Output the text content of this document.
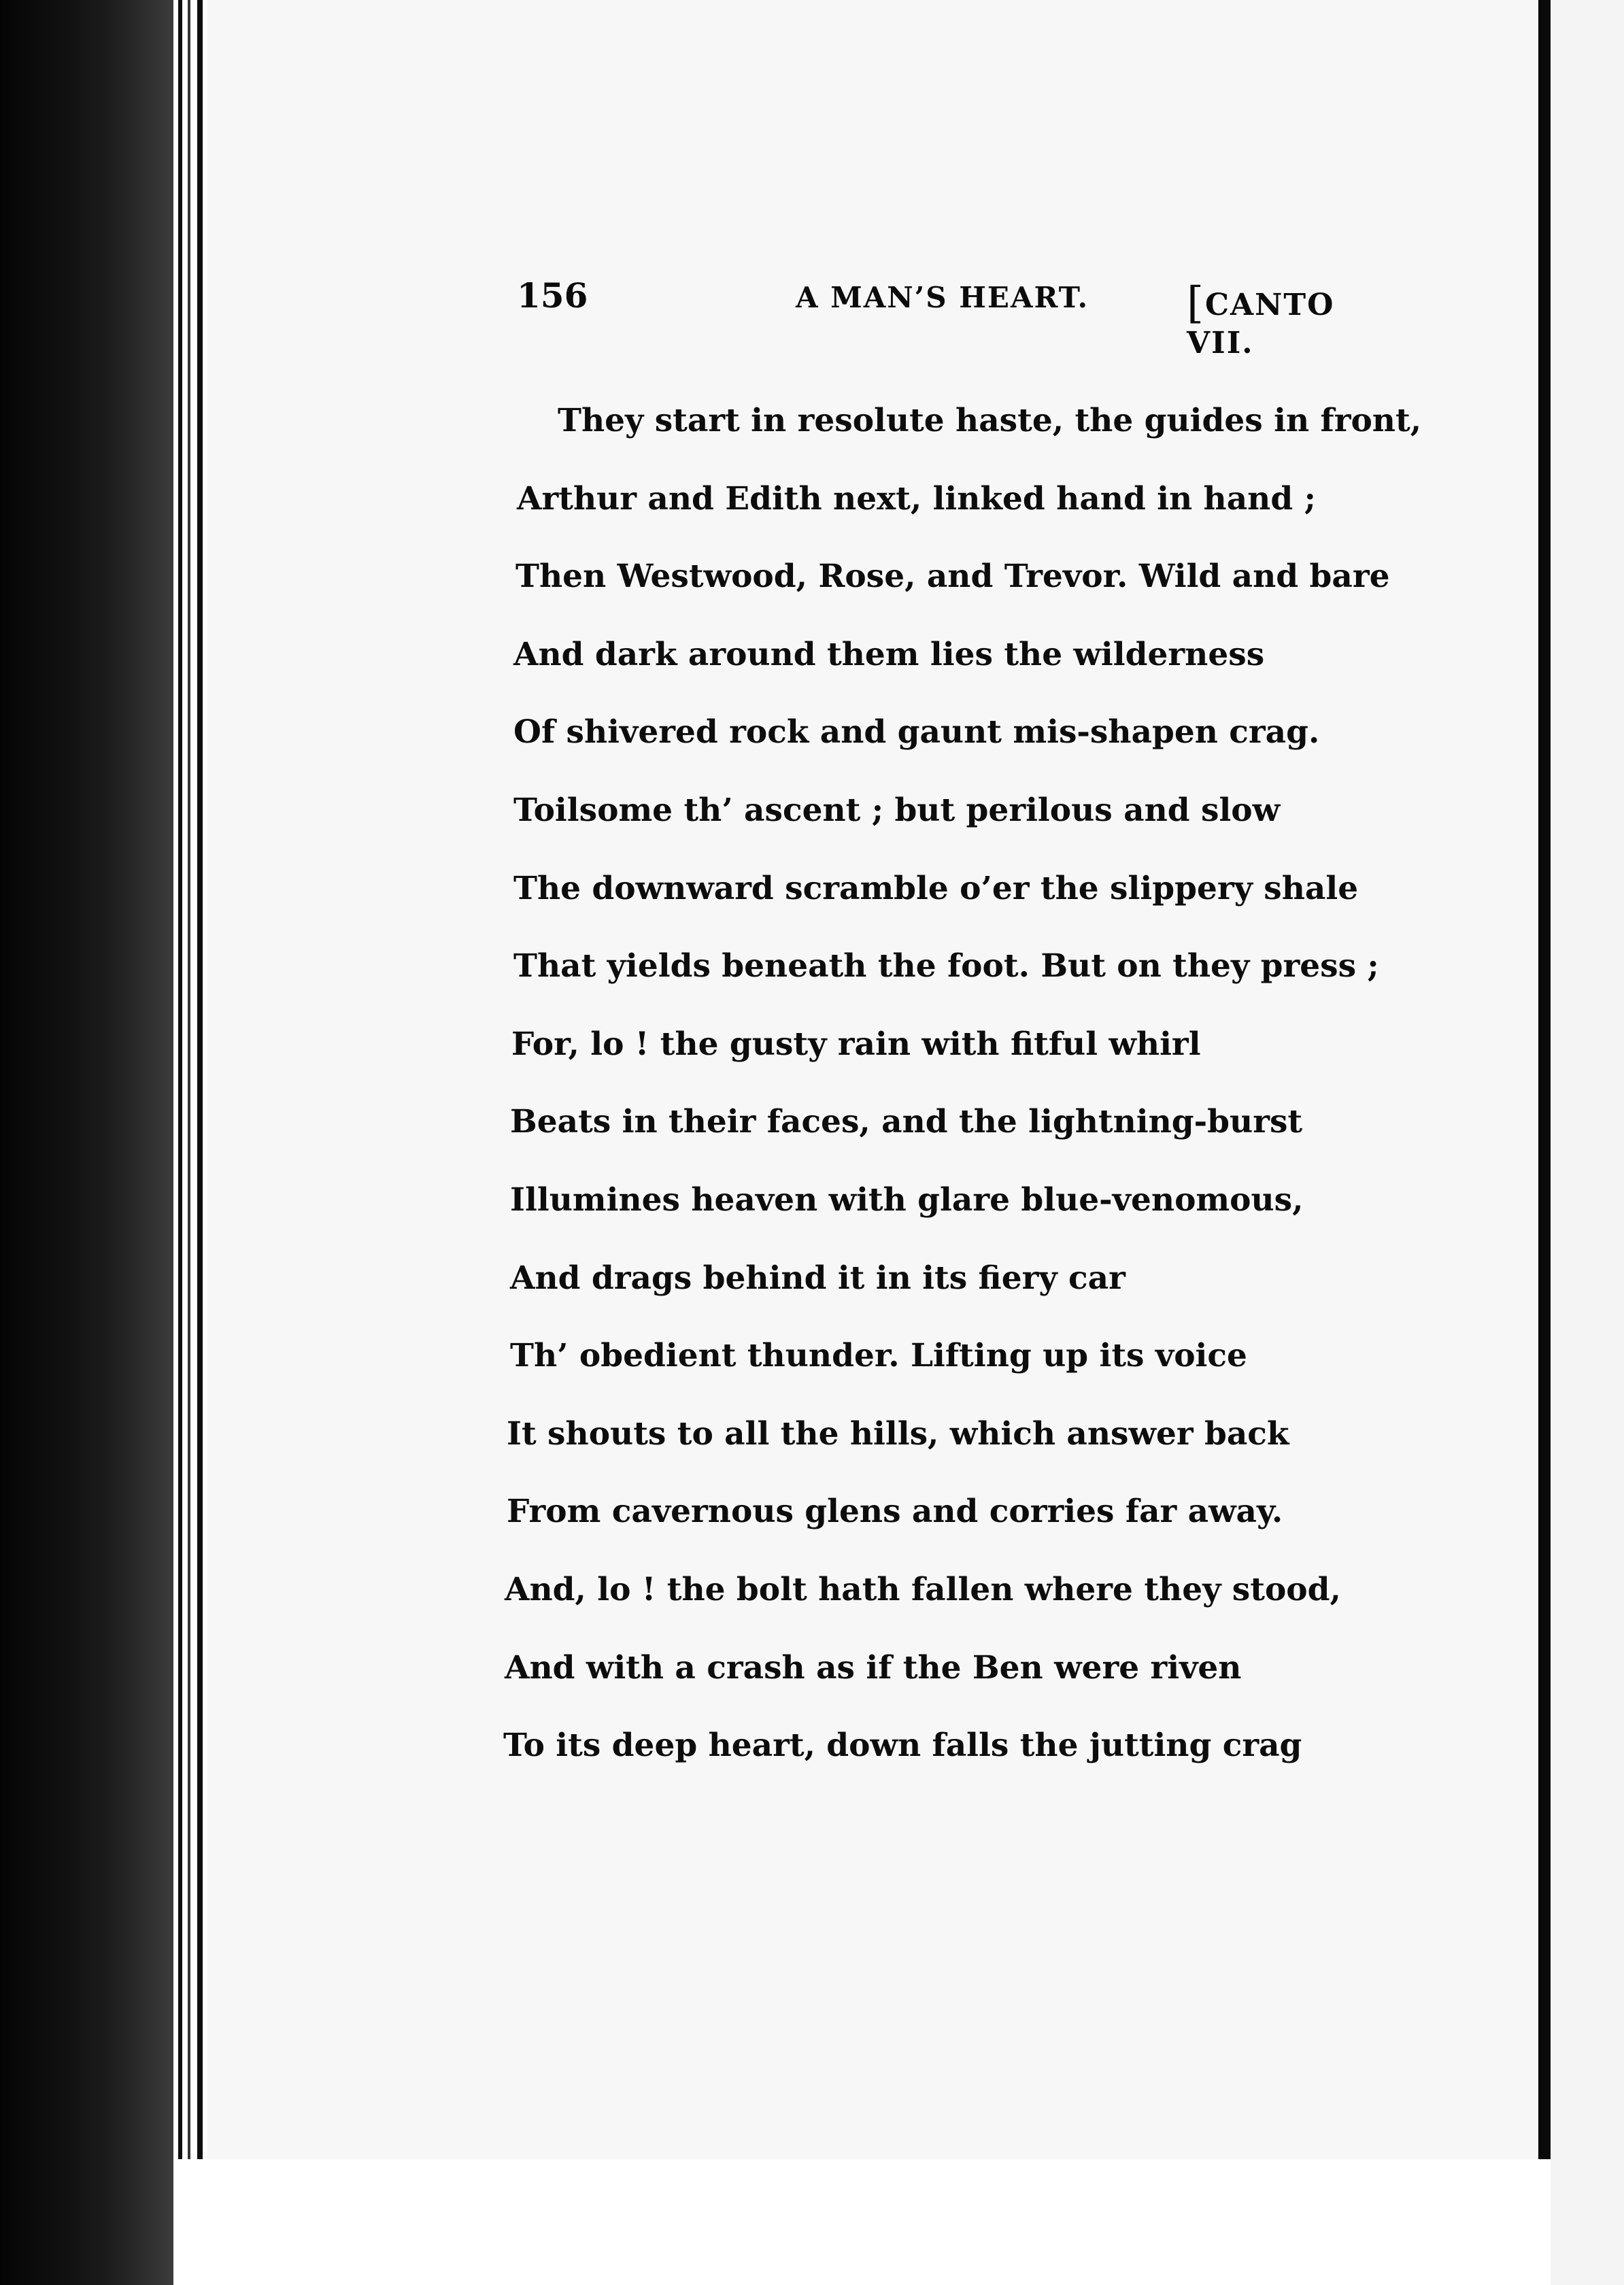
156	A MAN’S HEART. [CANTO VII.
They start in resolute haste, the guides in front,
Arthur and Edith next, linked hand in hand ;
Then Westwood, Rose, and Trevor. Wild and bare
And dark around them lies the wilderness
Of shivered rock and gaunt mis-shapen crag.
Toilsome th’ ascent ; but perilous and slow
The downward scramble o’er the slippery shale
That yields beneath the foot. But on they press ;
For, lo ! the gusty rain with fitful whirl
Beats in their faces, and the lightning-burst
Illumines heaven with glare blue-venomous,
And drags behind it in its fiery car
Th’ obedient thunder. Lifting up its voice
It shouts to all the hills, which answer back
From cavernous glens and corries far away.
And, lo ! the bolt hath fallen where they stood,
And with a crash as if the Ben were riven
To its deep heart, down falls the jutting crag
